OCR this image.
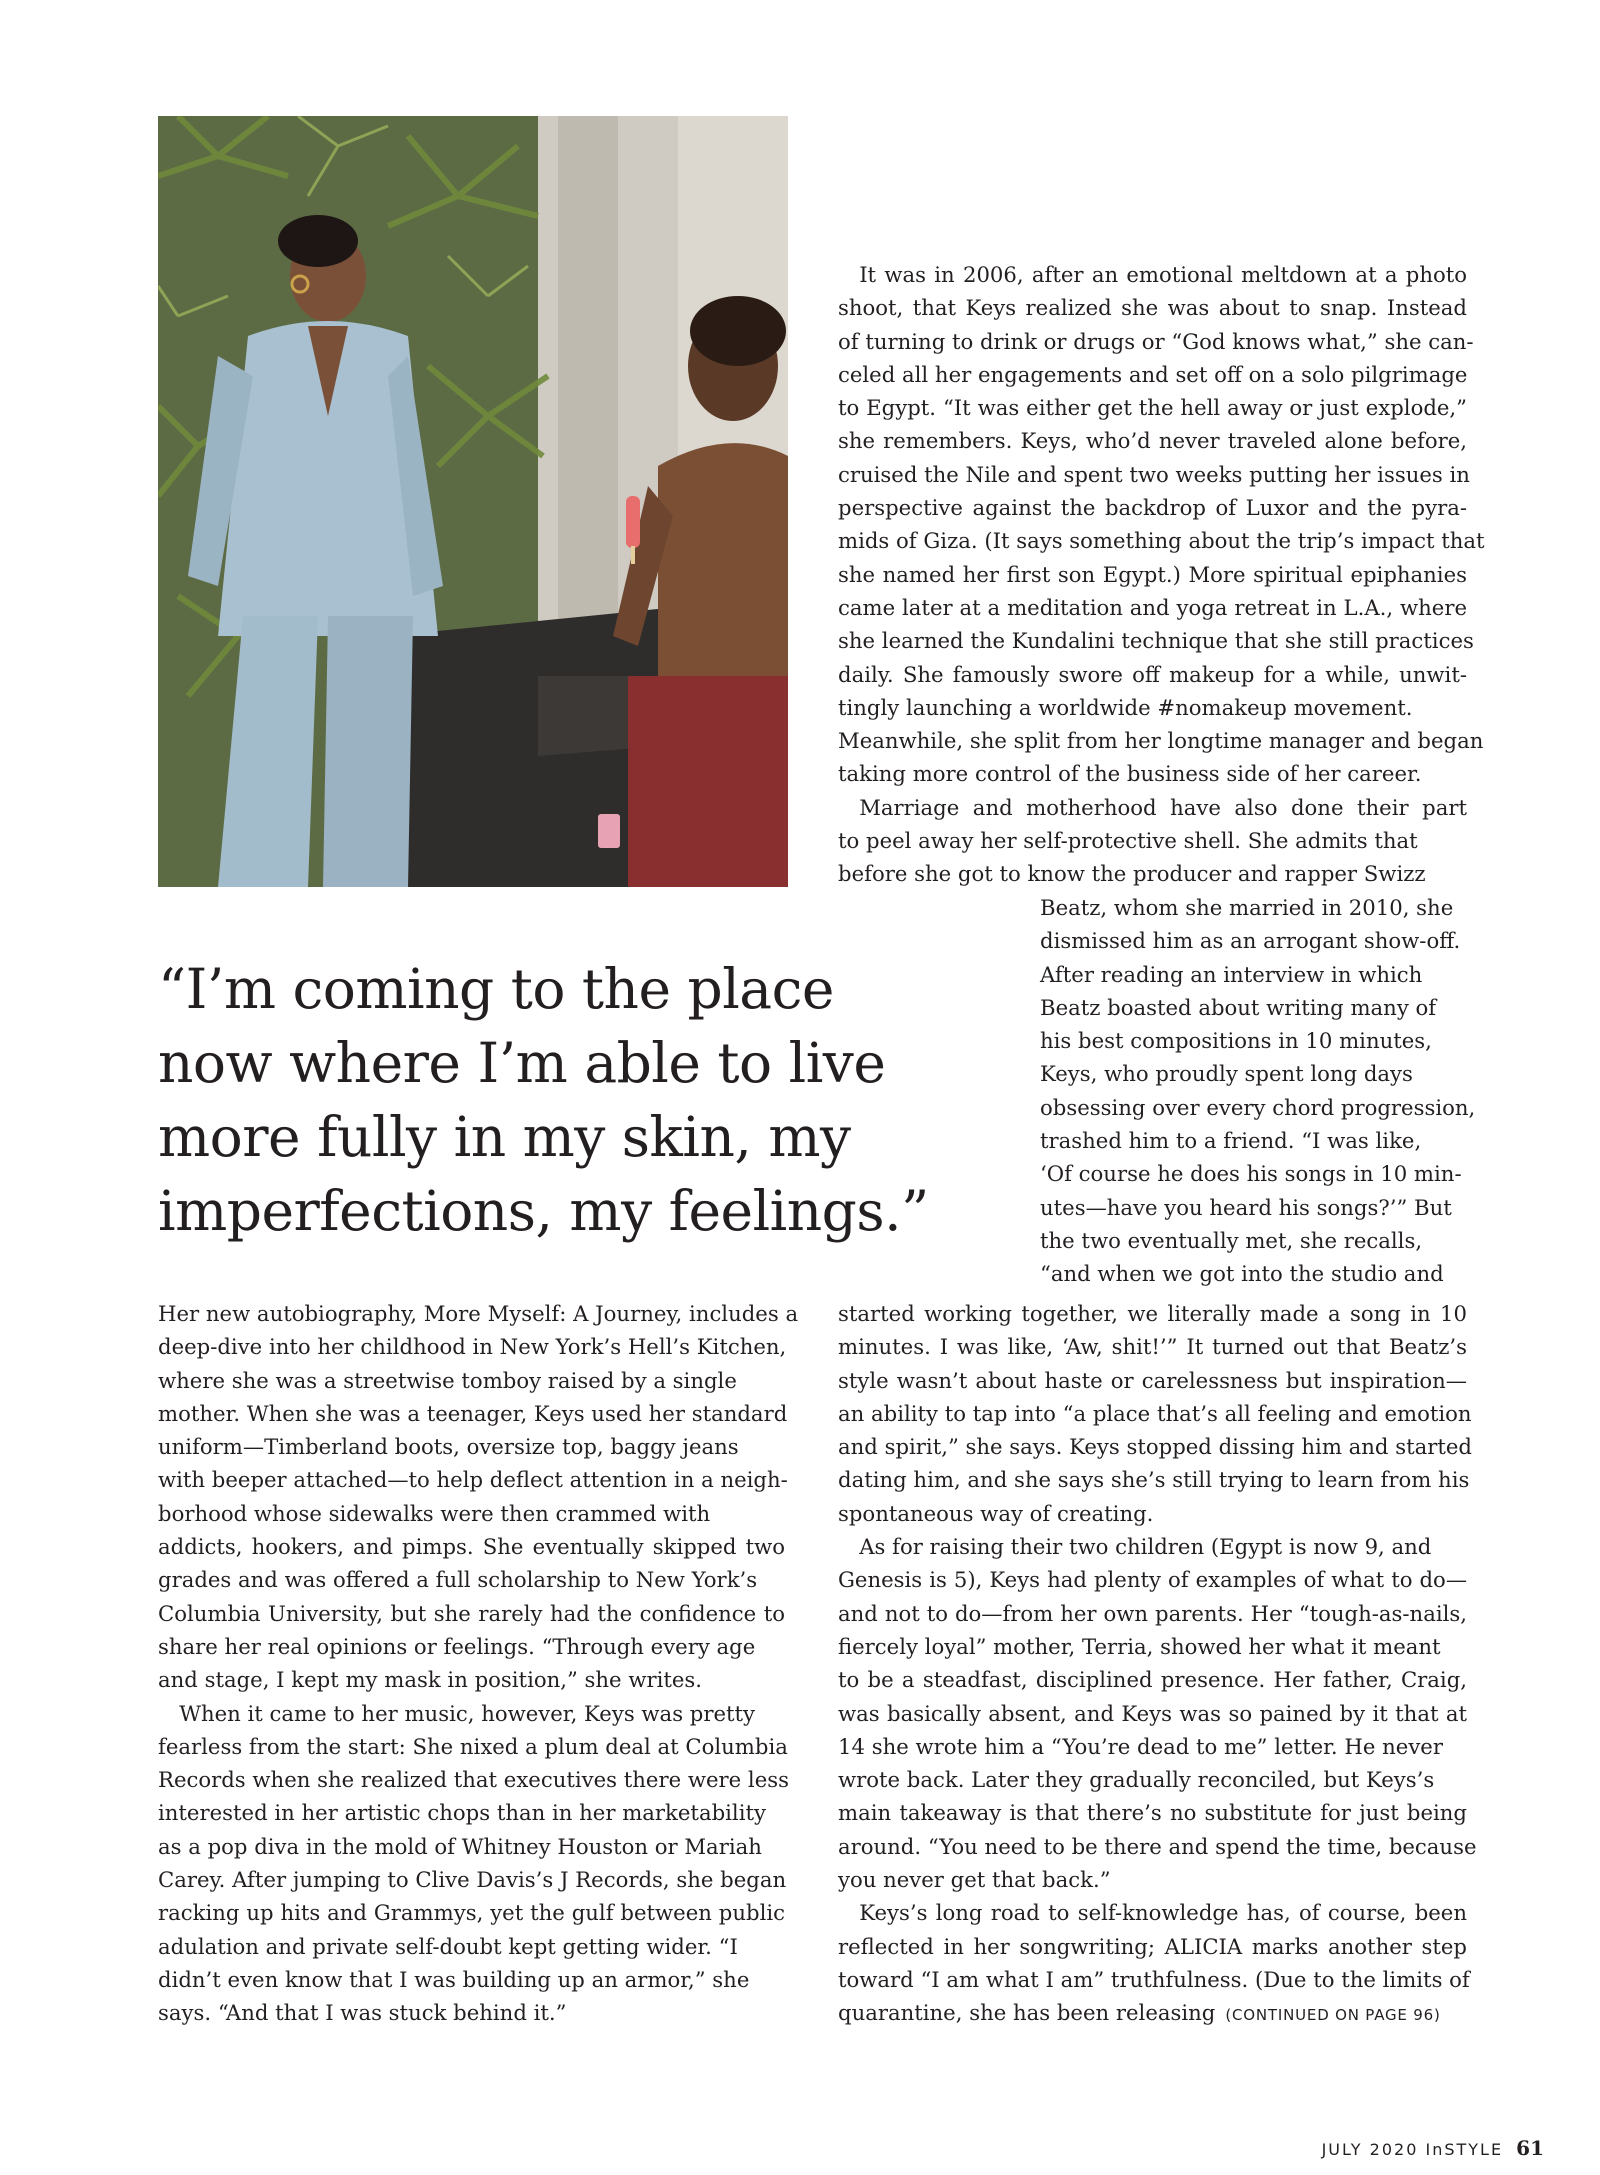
“I’m coming to the place
now where I’m able to live
more fully in my skin, my
imperfections, my feelings.”
 It was in 2006, after an emotional meltdown at a photo
shoot, that Keys realized she was about to snap. Instead
of turning to drink or drugs or “God knows what,” she can-
celed all her engagements and set off on a solo pilgrimage
to Egypt. “It was either get the hell away or just explode,”
she remembers. Keys, who’d never traveled alone before,
cruised the Nile and spent two weeks putting her issues in
perspective against the backdrop of Luxor and the pyra-
mids of Giza. (It says something about the trip’s impact that
she named her first son Egypt.) More spiritual epiphanies
came later at a meditation and yoga retreat in L.A., where
she learned the Kundalini technique that she still practices
daily. She famously swore off makeup for a while, unwit-
tingly launching a worldwide #nomakeup movement.
Meanwhile, she split from her longtime manager and began
taking more control of the business side of her career.
 Marriage and motherhood have also done their part
to peel away her self-protective shell. She admits that
before she got to know the producer and rapper Swizz
Beatz, whom she married in 2010, she
dismissed him as an arrogant show-off.
After reading an interview in which
Beatz boasted about writing many of
his best compositions in 10 minutes,
Keys, who proudly spent long days
obsessing over every chord progression,
trashed him to a friend. “I was like,
‘Of course he does his songs in 10 min-
utes—have you heard his songs?’” But
the two eventually met, she recalls,
“and when we got into the studio and
Her new autobiography, More Myself: A Journey, includes a
deep-dive into her childhood in New York’s Hell’s Kitchen,
where she was a streetwise tomboy raised by a single
mother. When she was a teenager, Keys used her standard
uniform—Timberland boots, oversize top, baggy jeans
with beeper attached—to help deflect attention in a neigh-
borhood whose sidewalks were then crammed with
addicts, hookers, and pimps. She eventually skipped two
grades and was offered a full scholarship to New York’s
Columbia University, but she rarely had the confidence to
share her real opinions or feelings. “Through every age
and stage, I kept my mask in position,” she writes.
 When it came to her music, however, Keys was pretty
fearless from the start: She nixed a plum deal at Columbia
Records when she realized that executives there were less
interested in her artistic chops than in her marketability
as a pop diva in the mold of Whitney Houston or Mariah
Carey. After jumping to Clive Davis’s J Records, she began
racking up hits and Grammys, yet the gulf between public
adulation and private self-doubt kept getting wider. “I
didn’t even know that I was building up an armor,” she
says. “And that I was stuck behind it.”
started working together, we literally made a song in 10
minutes. I was like, ‘Aw, shit!’” It turned out that Beatz’s
style wasn’t about haste or carelessness but inspiration—
an ability to tap into “a place that’s all feeling and emotion
and spirit,” she says. Keys stopped dissing him and started
dating him, and she says she’s still trying to learn from his
spontaneous way of creating.
 As for raising their two children (Egypt is now 9, and
Genesis is 5), Keys had plenty of examples of what to do—
and not to do—from her own parents. Her “tough-as-nails,
fiercely loyal” mother, Terria, showed her what it meant
to be a steadfast, disciplined presence. Her father, Craig,
was basically absent, and Keys was so pained by it that at
14 she wrote him a “You’re dead to me” letter. He never
wrote back. Later they gradually reconciled, but Keys’s
main takeaway is that there’s no substitute for just being
around. “You need to be there and spend the time, because
you never get that back.”
 Keys’s long road to self-knowledge has, of course, been
reflected in her songwriting; ALICIA marks another step
toward “I am what I am” truthfulness. (Due to the limits of
quarantine, she has been releasing (CONTINUED ON PAGE 96)
JULY 2020 InSTYLE 61
